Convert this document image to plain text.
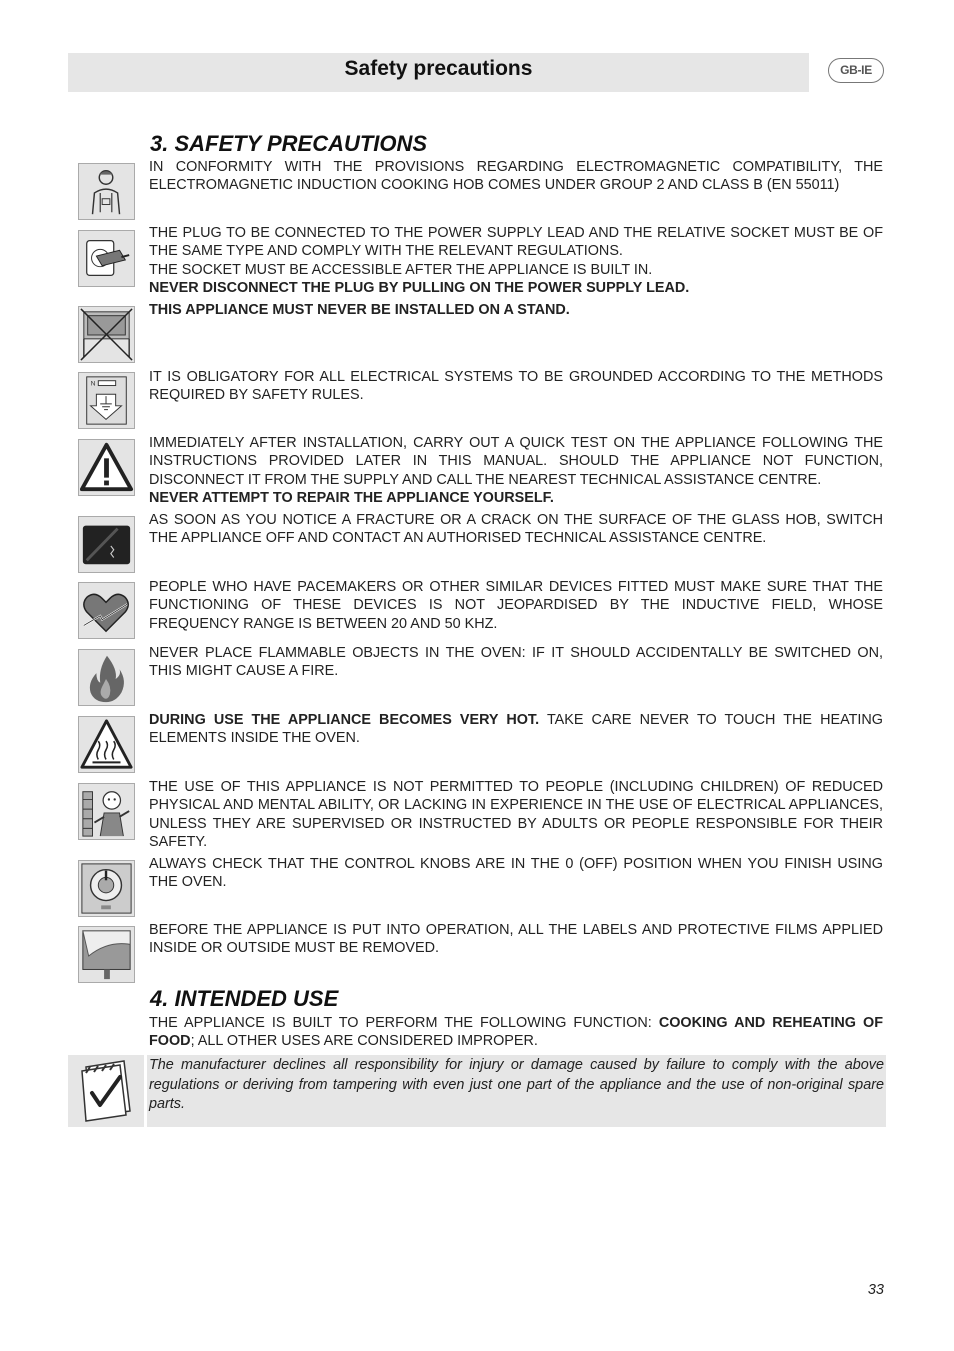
Safety precautions	GB-IE
3. SAFETY PRECAUTIONS

IN CONFORMITY WITH THE PROVISIONS REGARDING ELECTROMAGNETIC COMPATIBILITY, THE ELECTROMAGNETIC INDUCTION COOKING HOB COMES UNDER GROUP 2 AND CLASS B (EN 55011)

THE PLUG TO BE CONNECTED TO THE POWER SUPPLY LEAD AND THE RELATIVE SOCKET MUST BE OF THE SAME TYPE AND COMPLY WITH THE RELEVANT REGULATIONS.
THE SOCKET MUST BE ACCESSIBLE AFTER THE APPLIANCE IS BUILT IN.
NEVER DISCONNECT THE PLUG BY PULLING ON THE POWER SUPPLY LEAD.

THIS APPLIANCE MUST NEVER BE INSTALLED ON A STAND.

N	IT IS OBLIGATORY FOR ALL ELECTRICAL SYSTEMS TO BE GROUNDED ACCORDING TO THE METHODS REQUIRED BY SAFETY RULES.

IMMEDIATELY AFTER INSTALLATION, CARRY OUT A QUICK TEST ON THE APPLIANCE FOLLOWING THE INSTRUCTIONS PROVIDED LATER IN THIS MANUAL. SHOULD THE APPLIANCE NOT FUNCTION, DISCONNECT IT FROM THE SUPPLY AND CALL THE NEAREST TECHNICAL ASSISTANCE CENTRE.
NEVER ATTEMPT TO REPAIR THE APPLIANCE YOURSELF.

AS SOON AS YOU NOTICE A FRACTURE OR A CRACK ON THE SURFACE OF THE GLASS HOB, SWITCH THE APPLIANCE OFF AND CONTACT AN AUTHORISED TECHNICAL ASSISTANCE CENTRE.

PEOPLE WHO HAVE PACEMAKERS OR OTHER SIMILAR DEVICES FITTED MUST MAKE SURE THAT THE FUNCTIONING OF THESE DEVICES IS NOT JEOPARDISED BY THE INDUCTIVE FIELD, WHOSE FREQUENCY RANGE IS BETWEEN 20 AND 50 KHZ.

NEVER PLACE FLAMMABLE OBJECTS IN THE OVEN: IF IT SHOULD ACCIDENTALLY BE SWITCHED ON, THIS MIGHT CAUSE A FIRE.

DURING USE THE APPLIANCE BECOMES VERY HOT. TAKE CARE NEVER TO TOUCH THE HEATING ELEMENTS INSIDE THE OVEN.

THE USE OF THIS APPLIANCE IS NOT PERMITTED TO PEOPLE (INCLUDING CHILDREN) OF REDUCED PHYSICAL AND MENTAL ABILITY, OR LACKING IN EXPERIENCE IN THE USE OF ELECTRICAL APPLIANCES, UNLESS THEY ARE SUPERVISED OR INSTRUCTED BY ADULTS OR PEOPLE RESPONSIBLE FOR THEIR SAFETY.

ALWAYS CHECK THAT THE CONTROL KNOBS ARE IN THE 0 (OFF) POSITION WHEN YOU FINISH USING THE OVEN.

BEFORE THE APPLIANCE IS PUT INTO OPERATION, ALL THE LABELS AND PROTECTIVE FILMS APPLIED INSIDE OR OUTSIDE MUST BE REMOVED.

4. INTENDED USE

THE APPLIANCE IS BUILT TO PERFORM THE FOLLOWING FUNCTION: COOKING AND REHEATING OF FOOD; ALL OTHER USES ARE CONSIDERED IMPROPER.

The manufacturer declines all responsibility for injury or damage caused by failure to comply with the above regulations or deriving from tampering with even just one part of the appliance and the use of non-original spare parts.

33
